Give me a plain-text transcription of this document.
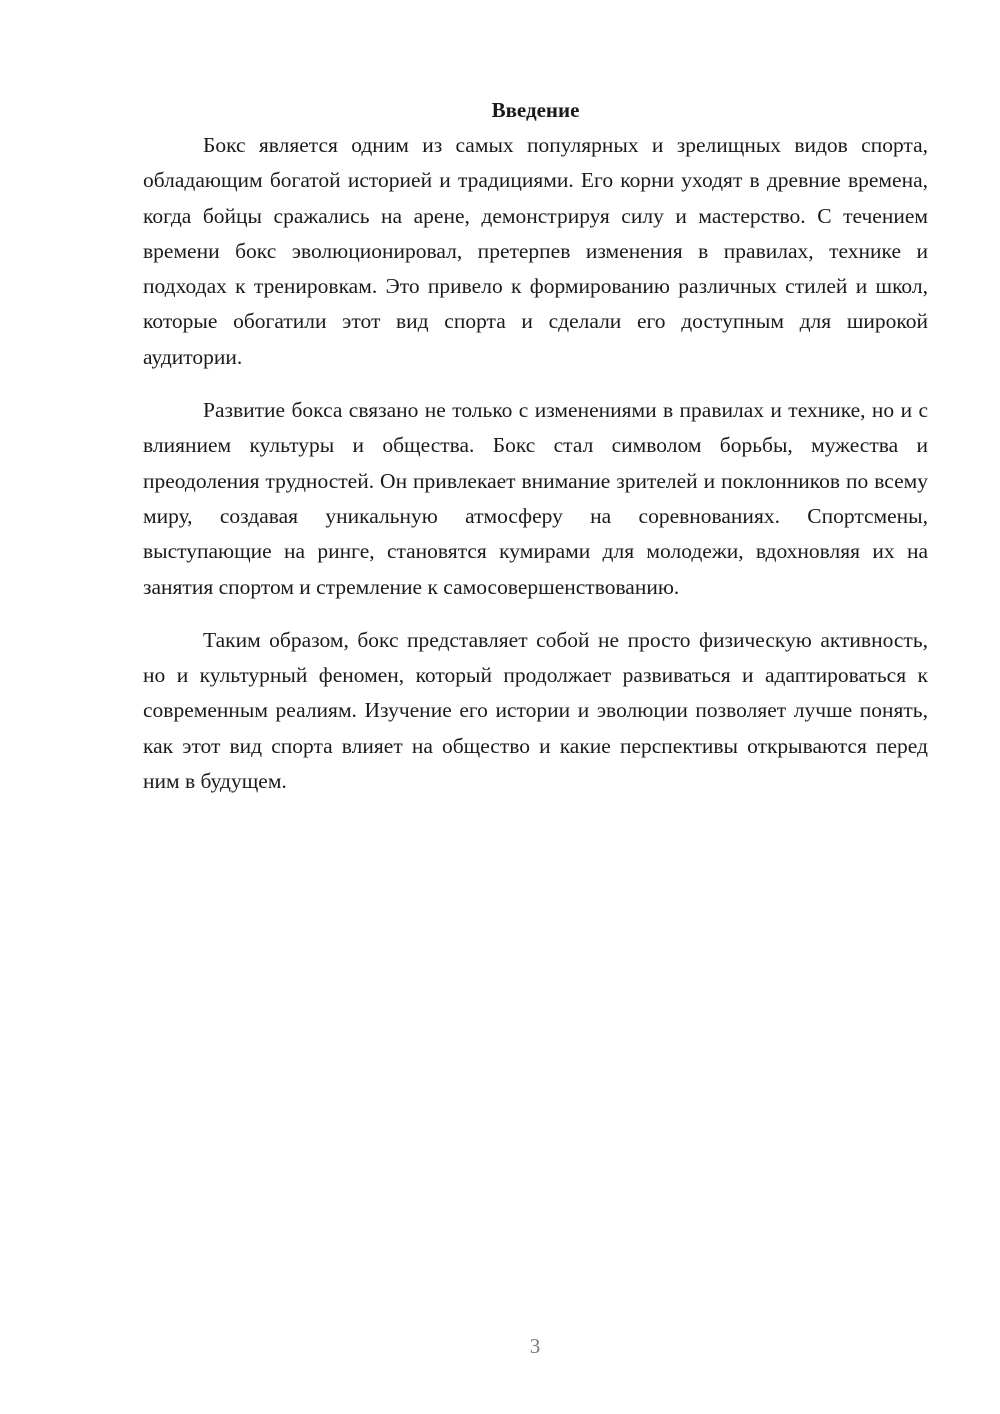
Введение

Бокс является одним из самых популярных и зрелищных видов спорта, обладающим богатой историей и традициями. Его корни уходят в древние времена, когда бойцы сражались на арене, демонстрируя силу и мастерство. С течением времени бокс эволюционировал, претерпев изменения в правилах, технике и подходах к тренировкам. Это привело к формированию различных стилей и школ, которые обогатили этот вид спорта и сделали его доступным для широкой аудитории.

Развитие бокса связано не только с изменениями в правилах и технике, но и с влиянием культуры и общества. Бокс стал символом борьбы, мужества и преодоления трудностей. Он привлекает внимание зрителей и поклонников по всему миру, создавая уникальную атмосферу на соревнованиях. Спортсмены, выступающие на ринге, становятся кумирами для молодежи, вдохновляя их на занятия спортом и стремление к самосовершенствованию.

Таким образом, бокс представляет собой не просто физическую активность, но и культурный феномен, который продолжает развиваться и адаптироваться к современным реалиям. Изучение его истории и эволюции позволяет лучше понять, как этот вид спорта влияет на общество и какие перспективы открываются перед ним в будущем.

3
